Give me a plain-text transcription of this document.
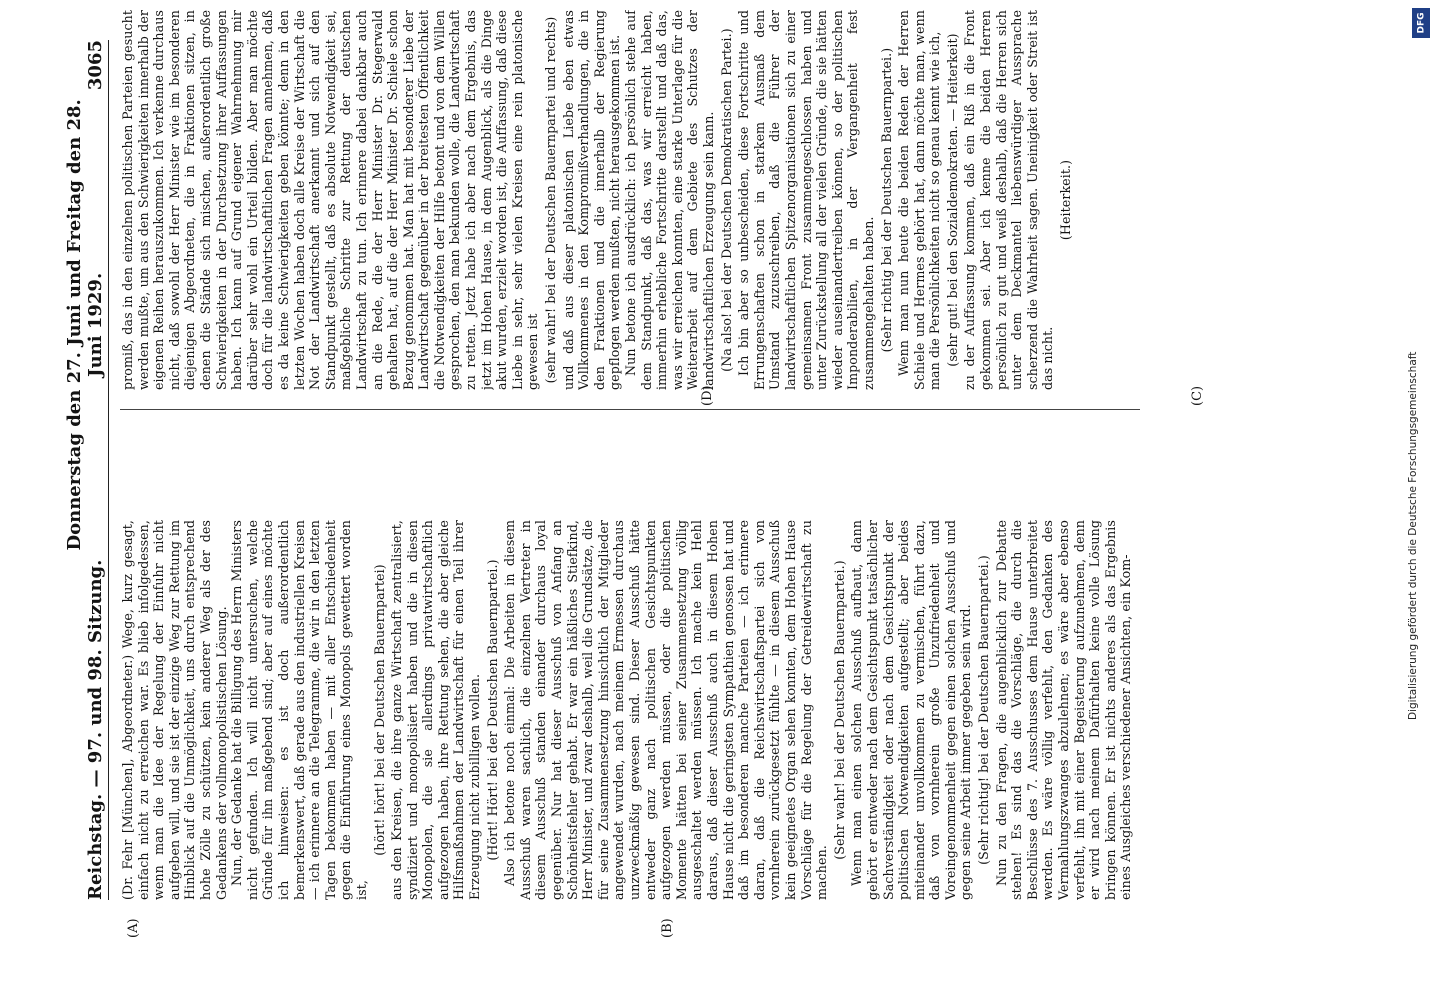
Reichstag. — 97. und 98. Sitzung.
Donnerstag den 27. Juni und Freitag den 28. Juni 1929.
3065
(A)	(B)
(C)
(D)

(Dr. Fehr [München], Abgeordneter.) Wege, kurz gesagt, einfach nicht zu erreichen war. Es blieb infolgedessen, wenn man die Idee der Regelung der Einfuhr nicht aufgeben will, und sie ist der einzige Weg zur Rettung im Hinblick auf die Unmöglichkeit, uns durch entsprechend hohe Zölle zu schützen, kein anderer Weg als der des Gedankens der vollmonopolistischen Lösung. Nun, der Gedanke hat die Billigung des Herrn Ministers nicht gefunden. Ich will nicht untersuchen, welche Gründe für ihn maßgebend sind; aber auf eines möchte ich hinweisen: es ist doch außerordentlich bemerkenswert, daß gerade aus den industriellen Kreisen — ich erinnere an die Telegramme, die wir in den letzten Tagen bekommen haben — mit aller Entschiedenheit gegen die Einführung eines Monopols gewettert worden ist,

(hört! hört! bei der Deutschen Bauernpartei) aus den Kreisen, die ihre ganze Wirtschaft zentralisiert, syndiziert und monopolisiert haben und die in diesen Monopolen, die sie allerdings privatwirtschaftlich aufgezogen haben, ihre Rettung sehen, die aber gleiche Hilfsmaßnahmen der Landwirtschaft für einen Teil ihrer Erzeugung nicht zubilligen wollen. (Hört! Hört! bei der Deutschen Bauernpartei.) Also ich betone noch einmal: Die Arbeiten in diesem Ausschuß waren sachlich, die einzelnen Vertreter in diesem Ausschuß standen einander durchaus loyal gegenüber. Nur hat dieser Ausschuß von Anfang an Schönheitsfehler gehabt. Er war ein häßliches Stiefkind, Herr Minister, und zwar deshalb, weil die Grundsätze, die für seine Zusammensetzung hinsichtlich der Mitglieder angewendet wurden, nach meinem Ermessen durchaus unzweckmäßig gewesen sind. Dieser Ausschuß hätte entweder ganz nach politischen Gesichtspunkten aufgezogen werden müssen, oder die politischen Momente hätten bei seiner Zusammensetzung völlig ausgeschaltet werden müssen. Ich mache kein Hehl daraus, daß dieser Ausschuß auch in diesem Hohen Hause nicht die geringsten Sympathien genossen hat und daß im besonderen manche Parteien — ich erinnere daran, daß die Reichswirtschaftspartei sich von vornherein zurückgesetzt fühlte — in diesem Ausschuß kein geeignetes Organ sehen konnten, dem Hohen Hause Vorschläge für die Regelung der Getreidewirtschaft zu machen.

(Sehr wahr! bei der Deutschen Bauernpartei.) Wenn man einen solchen Ausschuß aufbaut, dann gehört er entweder nach dem Gesichtspunkt tatsächlicher Sachverständigkeit oder nach dem Gesichtspunkt der politischen Notwendigkeiten aufgestellt; aber beides miteinander unvollkommen zu vermischen, führt dazu, daß von vornherein große Unzufriedenheit und Voreingenommenheit gegen einen solchen Ausschuß und gegen seine Arbeit immer gegeben sein wird. (Sehr richtig! bei der Deutschen Bauernpartei.) Nun zu den Fragen, die augenblicklich zur Debatte stehen! Es sind das die Vorschläge, die durch die Beschlüsse des 7. Ausschusses dem Hause unterbreitet werden. Es wäre völlig verfehlt, den Gedanken des Vermahlungszwanges abzulehnen; es wäre aber ebenso verfehlt, ihn mit einer Begeisterung aufzunehmen, denn er wird nach meinem Dafürhalten keine volle Lösung bringen können. Er ist nichts anderes als das Ergebnis eines Ausgleiches verschiedener Ansichten, ein Kom-

promiß, das in den einzelnen politischen Parteien gesucht werden mußte, um aus den Schwierigkeiten innerhalb der eigenen Reihen herauszukommen. Ich verkenne durchaus nicht, daß sowohl der Herr Minister wie im besonderen diejenigen Abgeordneten, die in Fraktionen sitzen, in denen die Stände sich mischen, außerordentlich große Schwierigkeiten in der Durchsetzung ihrer Auffassungen haben. Ich kann auf Grund eigener Wahrnehmung mir darüber sehr wohl ein Urteil bilden. Aber man möchte doch für die landwirtschaftlichen Fragen annehmen, daß es da keine Schwierigkeiten geben könnte; denn in den letzten Wochen haben doch alle Kreise der Wirtschaft die Not der Landwirtschaft anerkannt und sich auf den Standpunkt gestellt, daß es absolute Notwendigkeit sei, maßgebliche Schritte zur Rettung der deutschen Landwirtschaft zu tun. Ich erinnere dabei dankbar auch an die Rede, die der Herr Minister Dr. Stegerwald gehalten hat, auf die der Herr Minister Dr. Schiele schon Bezug genommen hat. Man hat mit besonderer Liebe der Landwirtschaft gegenüber in der breitesten Öffentlichkeit die Notwendigkeiten der Hilfe betont und von dem Willen gesprochen, den man bekunden wolle, die Landwirtschaft zu retten. Jetzt habe ich aber nach dem Ergebnis, das jetzt im Hohen Hause, in dem Augenblick, als die Dinge akut wurden, erzielt worden ist, die Auffassung, daß diese Liebe in sehr, sehr vielen Kreisen eine rein platonische gewesen ist (sehr wahr! bei der Deutschen Bauernpartei und rechts) und daß aus dieser platonischen Liebe eben etwas Vollkommenes in den Kompromißverhandlungen, die in den Fraktionen und die innerhalb der Regierung gepflogen werden mußten, nicht herausgekommen ist. Nun betone ich ausdrücklich: ich persönlich stehe auf dem Standpunkt, daß das, was wir erreicht haben, immerhin erhebliche Fortschritte darstellt und daß das, was wir erreichen konnten, eine starke Unterlage für die Weiterarbeit auf dem Gebiete des Schutzes der landwirtschaftlichen Erzeugung sein kann. (Na also! bei der Deutschen Demokratischen Partei.) Ich bin aber so unbescheiden, diese Fortschritte und Errungenschaften schon in starkem Ausmaß dem Umstand zuzuschreiben, daß die Führer der landwirtschaftlichen Spitzenorganisationen sich zu einer gemeinsamen Front zusammengeschlossen haben und unter Zurückstellung all der vielen Gründe, die sie hätten wieder auseinandertreiben können, so der politischen Imponderabilien, in der Vergangenheit fest zusammengehalten haben. (Sehr richtig bei der Deutschen Bauernpartei.) Wenn man nun heute die beiden Reden der Herren Schiele und Hermes gehört hat, dann möchte man, wenn man die Persönlichkeiten nicht so genau kennt wie ich, (sehr gut! bei den Sozialdemokraten. — Heiterkeit) zu der Auffassung kommen, daß ein Riß in die Front gekommen sei. Aber ich kenne die beiden Herren persönlich zu gut und weiß deshalb, daß die Herren sich unter dem Deckmantel liebenswürdiger Aussprache scherzend die Wahrheit sagen. Uneinigkeit oder Streit ist das nicht.

(Heiterkeit.)

Digitalisierung gefördert durch die Deutsche Forschungsgemeinschaft
DFG
